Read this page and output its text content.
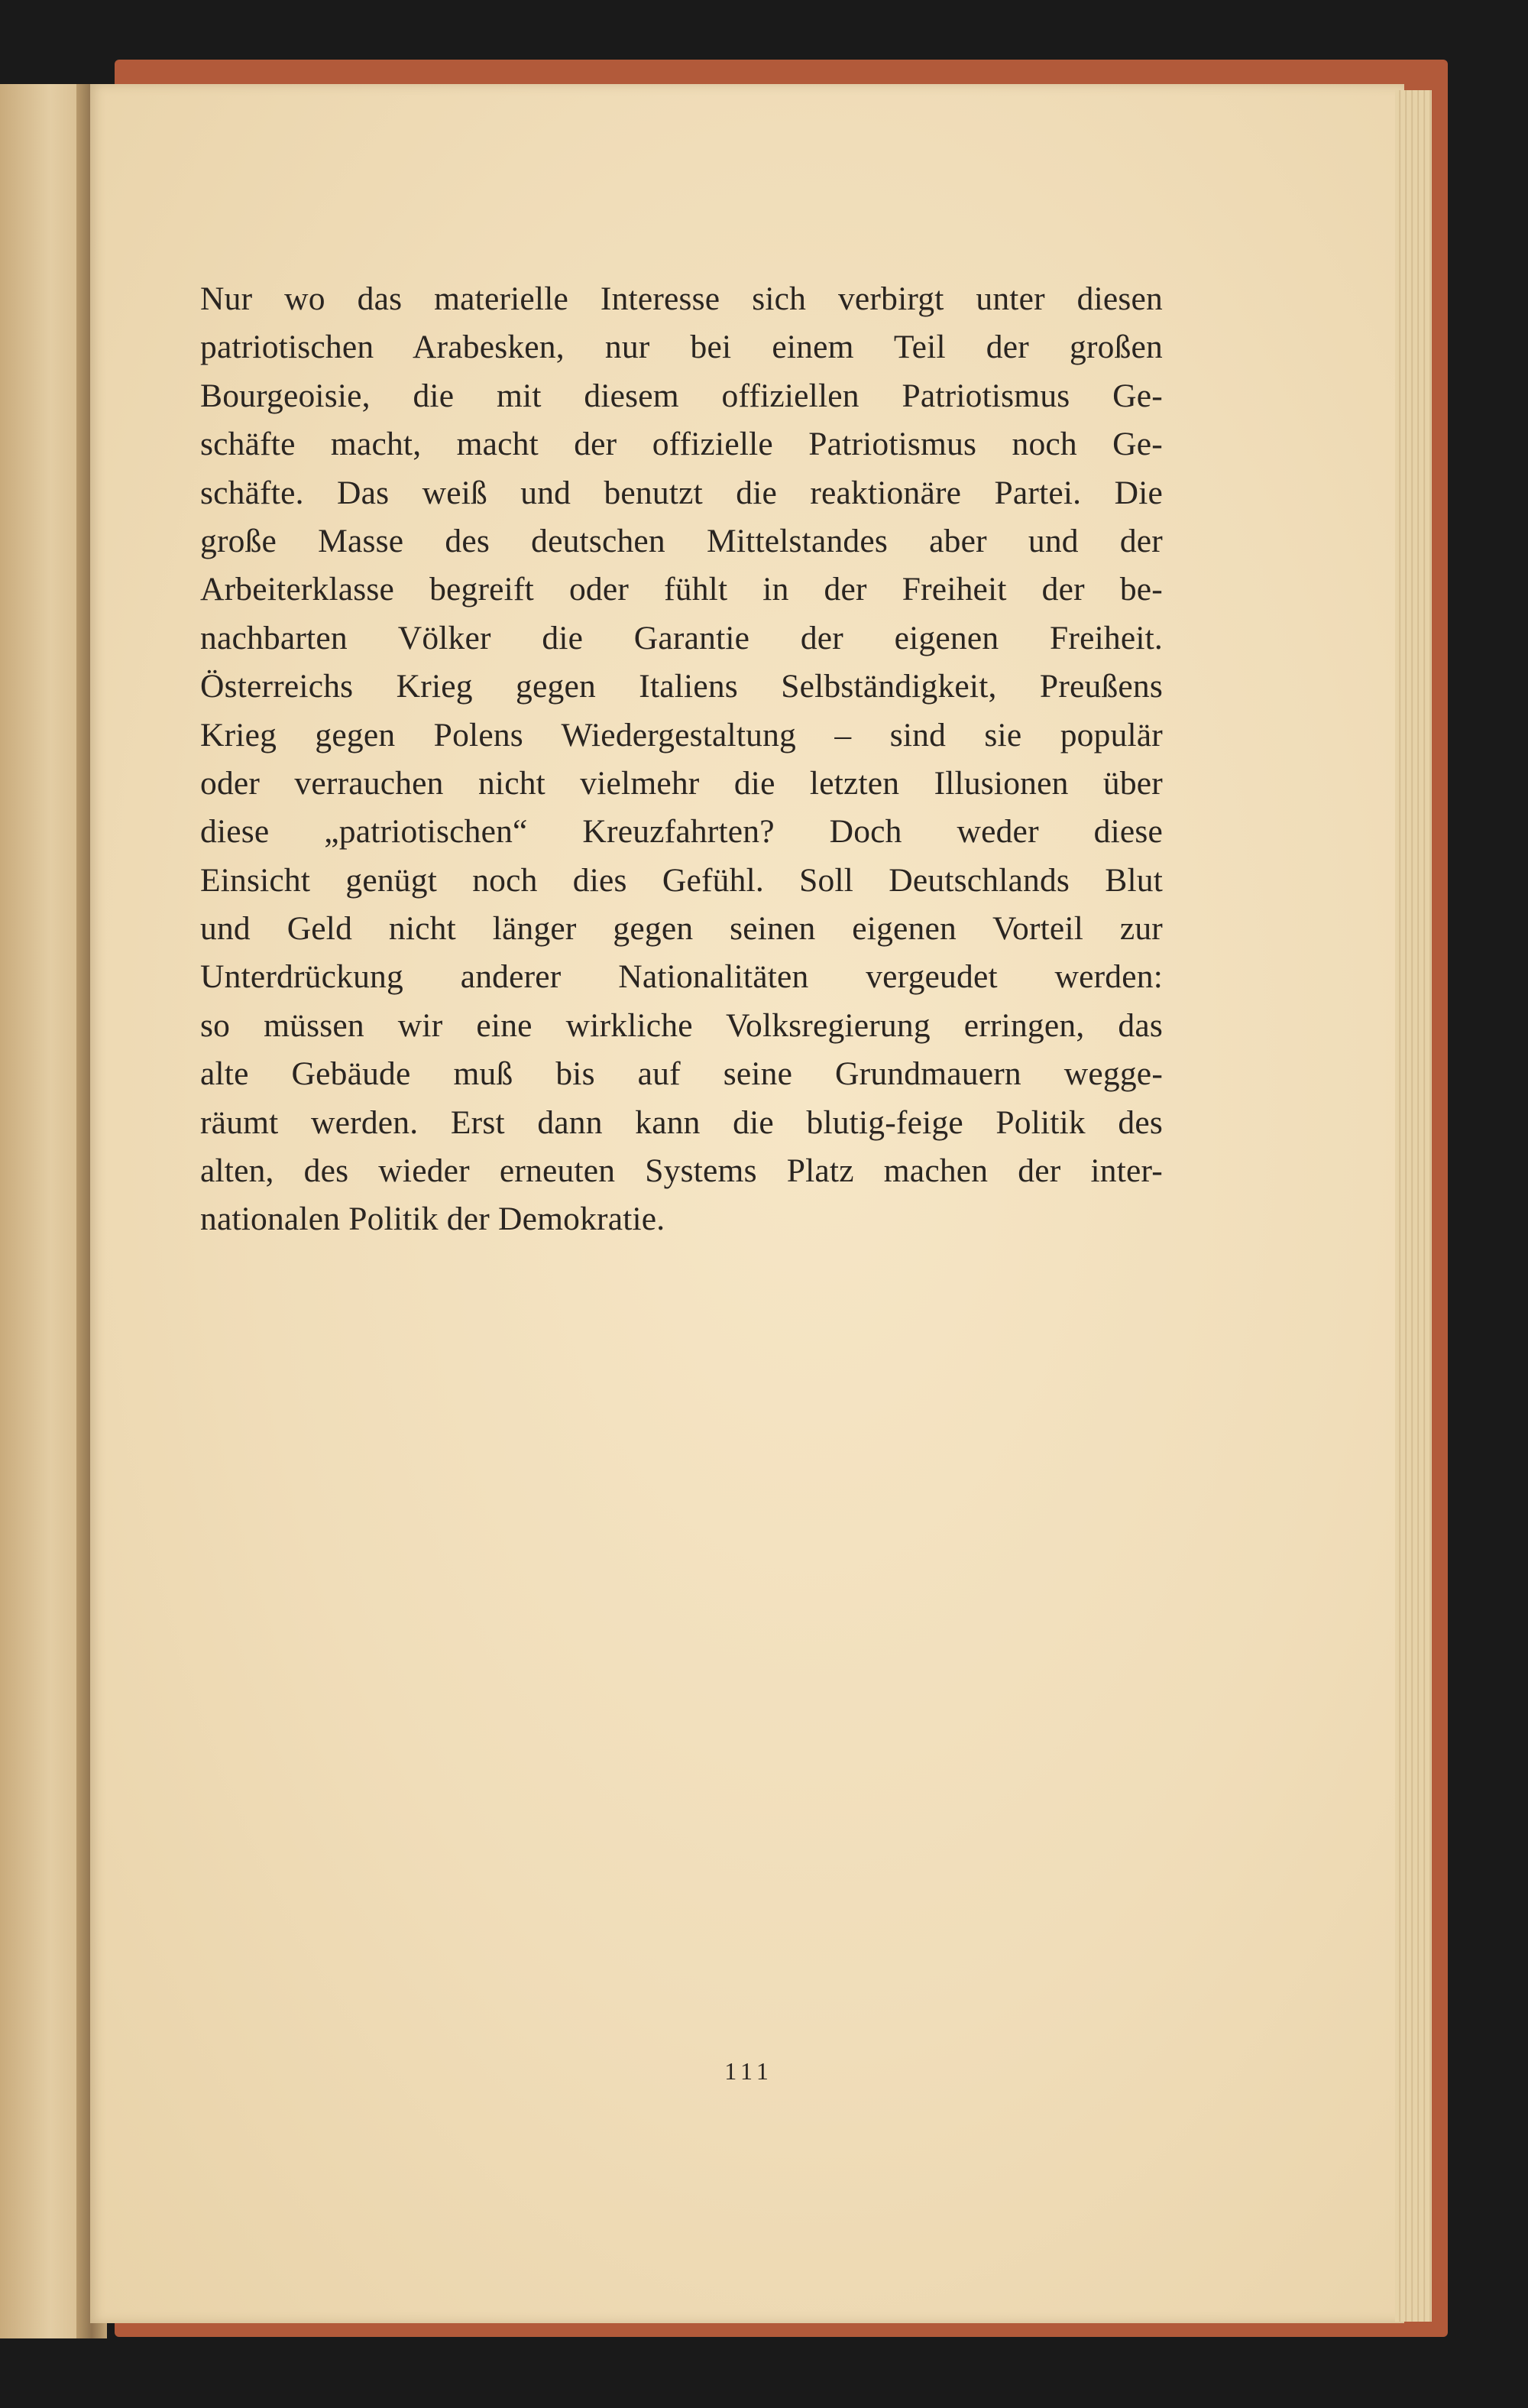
Nur wo das materielle Interesse sich verbirgt unter diesen
patriotischen Arabesken, nur bei einem Teil der großen
Bourgeoisie, die mit diesem offiziellen Patriotismus Ge-
schäfte macht, macht der offizielle Patriotismus noch Ge-
schäfte. Das weiß und benutzt die reaktionäre Partei. Die
große Masse des deutschen Mittelstandes aber und der
Arbeiterklasse begreift oder fühlt in der Freiheit der be-
nachbarten Völker die Garantie der eigenen Freiheit.
Österreichs Krieg gegen Italiens Selbständigkeit, Preußens
Krieg gegen Polens Wiedergestaltung – sind sie populär
oder verrauchen nicht vielmehr die letzten Illusionen über
diese „patriotischen“ Kreuzfahrten? Doch weder diese
Einsicht genügt noch dies Gefühl. Soll Deutschlands Blut
und Geld nicht länger gegen seinen eigenen Vorteil zur
Unterdrückung anderer Nationalitäten vergeudet werden:
so müssen wir eine wirkliche Volksregierung erringen, das
alte Gebäude muß bis auf seine Grundmauern wegge-
räumt werden. Erst dann kann die blutig-feige Politik des
alten, des wieder erneuten Systems Platz machen der inter-
nationalen Politik der Demokratie.
111
